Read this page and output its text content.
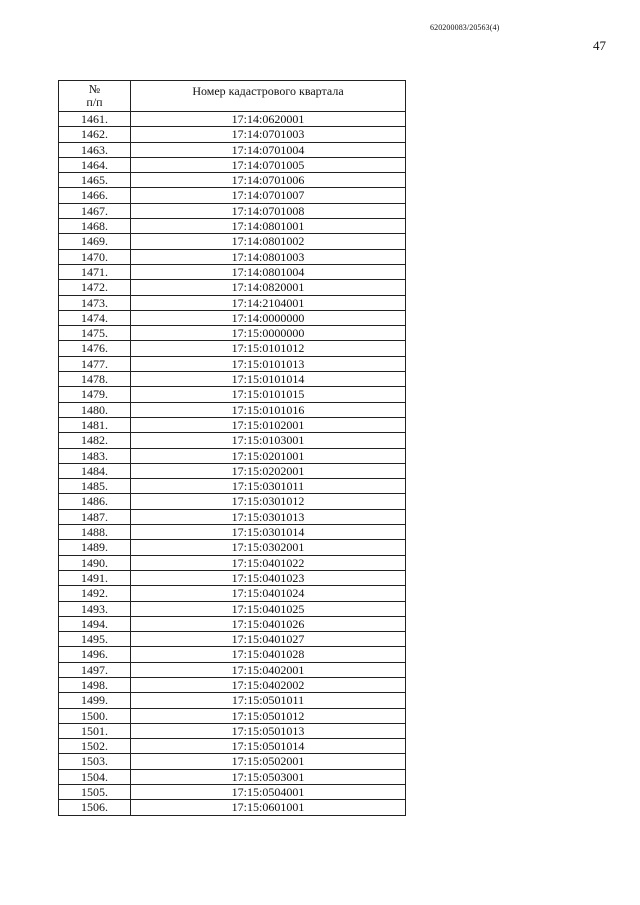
620200083/20563(4)
47
№
п/п	Номер кадастрового квартала
1461.	17:14:0620001
1462.	17:14:0701003
1463.	17:14:0701004
1464.	17:14:0701005
1465.	17:14:0701006
1466.	17:14:0701007
1467.	17:14:0701008
1468.	17:14:0801001
1469.	17:14:0801002
1470.	17:14:0801003
1471.	17:14:0801004
1472.	17:14:0820001
1473.	17:14:2104001
1474.	17:14:0000000
1475.	17:15:0000000
1476.	17:15:0101012
1477.	17:15:0101013
1478.	17:15:0101014
1479.	17:15:0101015
1480.	17:15:0101016
1481.	17:15:0102001
1482.	17:15:0103001
1483.	17:15:0201001
1484.	17:15:0202001
1485.	17:15:0301011
1486.	17:15:0301012
1487.	17:15:0301013
1488.	17:15:0301014
1489.	17:15:0302001
1490.	17:15:0401022
1491.	17:15:0401023
1492.	17:15:0401024
1493.	17:15:0401025
1494.	17:15:0401026
1495.	17:15:0401027
1496.	17:15:0401028
1497.	17:15:0402001
1498.	17:15:0402002
1499.	17:15:0501011
1500.	17:15:0501012
1501.	17:15:0501013
1502.	17:15:0501014
1503.	17:15:0502001
1504.	17:15:0503001
1505.	17:15:0504001
1506.	17:15:0601001
